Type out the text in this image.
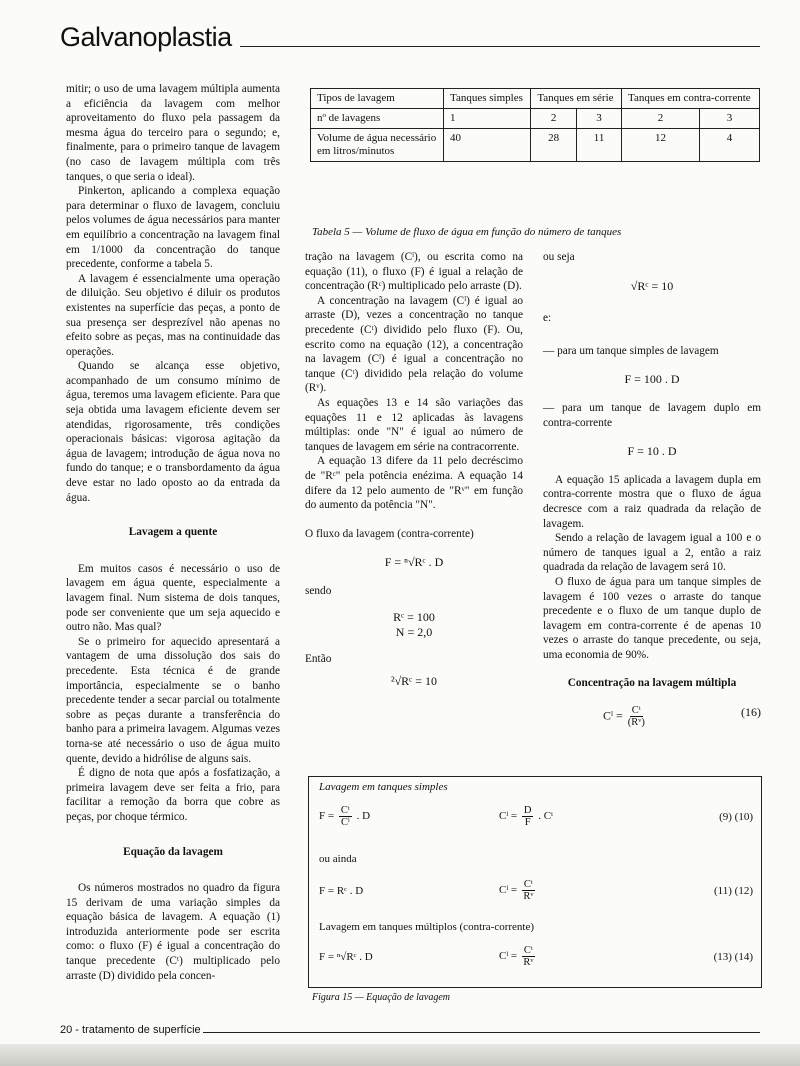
Galvanoplastia

mitir; o uso de uma lavagem múltipla aumenta a eficiência da lavagem com melhor aproveitamento do fluxo pela passagem da mesma água do terceiro para o segundo; e, finalmente, para o primeiro tanque de lavagem (no caso de lavagem múltipla com três tanques, o que seria o ideal).

Pinkerton, aplicando a complexa equação para determinar o fluxo de lavagem, concluiu pelos volumes de água necessários para manter em equilíbrio a concentração na lavagem final em 1/1000 da concentração do tanque precedente, conforme a tabela 5.

A lavagem é essencialmente uma operação de diluição. Seu objetivo é diluir os produtos existentes na superfície das peças, a ponto de sua presença ser desprezível não apenas no efeito sobre as peças, mas na continuidade das operações.

Quando se alcança esse objetivo, acompanhado de um consumo mínimo de água, teremos uma lavagem eficiente. Para que seja obtida uma lavagem eficiente devem ser atendidas, rigorosamente, três condições operacionais básicas: vigorosa agitação da água de lavagem; introdução de água nova no fundo do tanque; e o transbordamento da água deve estar no lado oposto ao da entrada da água.

Lavagem a quente

Em muitos casos é necessário o uso de lavagem em água quente, especialmente a lavagem final. Num sistema de dois tanques, pode ser conveniente que um seja aquecido e outro não. Mas qual?

Se o primeiro for aquecido apresentará a vantagem de uma dissolução dos sais do precedente. Esta técnica é de grande importância, especialmente se o banho precedente tender a secar parcial ou totalmente sobre as peças durante a transferência do banho para a primeira lavagem. Algumas vezes torna-se até necessário o uso de água muito quente, devido a hidrólise de alguns sais.

É digno de nota que após a fosfatização, a primeira lavagem deve ser feita a frio, para facilitar a remoção da borra que cobre as peças, por choque térmico.

Equação da lavagem

Os números mostrados no quadro da figura 15 derivam de uma variação simples da equação básica de lavagem. A equação (1) introduzida anteriormente pode ser escrita como: o fluxo (F) é igual a concentração do tanque precedente (Cᵗ) multiplicado pelo arraste (D) dividido pela concen-

Tipos de lavagem	Tanques simples	Tanques em série		Tanques em contra-corrente	
nº de lavagens	1	2	3	2	3
Volume de água necessário em litros/minutos	40	28	11	12	4
Tabela 5 — Volume de fluxo de água em função do número de tanques

tração na lavagem (Cˡ), ou escrita como na equação (11), o fluxo (F) é igual a relação de concentração (Rᶜ) multiplicado pelo arraste (D).

A concentração na lavagem (Cˡ) é igual ao arraste (D), vezes a concentração no tanque precedente (Cᵗ) dividido pelo fluxo (F). Ou, escrito como na equação (12), a concentração na lavagem (Cˡ) é igual a concentração no tanque (Cᵗ) dividido pela relação do volume (Rᵛ).

As equações 13 e 14 são variações das equações 11 e 12 aplicadas às lavagens múltiplas: onde "N" é igual ao número de tanques de lavagem em série na contracorrente.

A equação 13 difere da 11 pelo decréscimo de "Rᶜ" pela potência enézima. A equação 14 difere da 12 pelo aumento de "Rᵛ" em função do aumento da potência "N".

O fluxo da lavagem (contra-corrente)

F = ⁿ√Rᶜ . D

sendo

Rᶜ = 100
N = 2,0

Então

²√Rᶜ = 10

ou seja

√Rᶜ = 10

e:

— para um tanque simples de lavagem

F = 100 . D

— para um tanque de lavagem duplo em contra-corrente

F = 10 . D

A equação 15 aplicada a lavagem dupla em contra-corrente mostra que o fluxo de água decresce com a raiz quadrada da relação de lavagem.

Sendo a relação de lavagem igual a 100 e o número de tanques igual a 2, então a raiz quadrada da relação de lavagem será 10.

O fluxo de água para um tanque simples de lavagem é 100 vezes o arraste do tanque precedente e o fluxo de um tanque duplo de lavagem em contra-corrente é de apenas 10 vezes o arraste do tanque precedente, ou seja, uma economia de 90%.

Concentração na lavagem múltipla
Cˡ = $\frac{\text{Cᵗ}}{\text{(Rᵛ)}}$	(16)
Lavagem em tanques simples
$F = \frac{\text{Cᵗ}}{\text{Cˡ}}$ . D	Cˡ = $\frac{D}{F}$ . Cᵗ	(9) (10)
ou ainda
F = Rᶜ . D	Cˡ = $\frac{\text{Cᵗ}}{\text{Rᵛ}}$	(11) (12)
Lavagem em tanques múltiplos (contra-corrente)
F = ⁿ√Rᶜ . D	Cˡ = $\frac{\text{Cᵗ}}{\text{Rᵛ}}$	(13) (14)
Figura 15 — Equação de lavagem
20 - tratamento de superfície
